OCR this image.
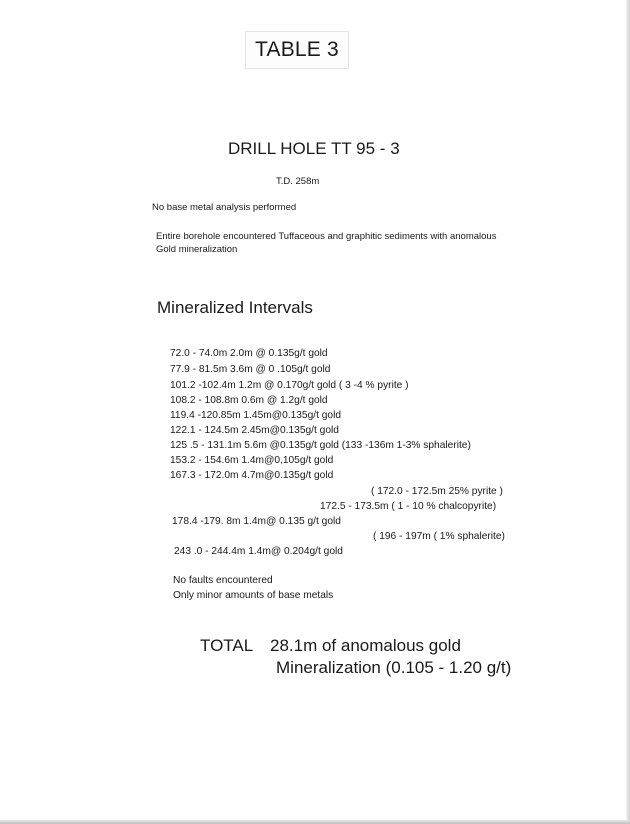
TABLE 3
DRILL HOLE TT 95 - 3
T.D. 258m
No base metal analysis performed
Entire borehole encountered Tuffaceous and graphitic sediments with anomalous
Gold mineralization
Mineralized Intervals
72.0 - 74.0m 2.0m @ 0.135g/t gold
77.9 - 81.5m 3.6m @ 0 .105g/t gold
101.2 -102.4m 1.2m @ 0.170g/t gold ( 3 -4 % pyrite )
108.2 - 108.8m 0.6m @ 1.2g/t gold
119.4 -120.85m 1.45m@0.135g/t gold
122.1 - 124.5m 2.45m@0.135g/t gold
125 .5 - 131.1m 5.6m @0.135g/t gold (133 -136m 1-3% sphalerite)
153.2 - 154.6m 1.4m@0,105g/t gold
167.3 - 172.0m 4.7m@0.135g/t gold
( 172.0 - 172.5m 25% pyrite )
172.5 - 173.5m ( 1 - 10 % chalcopyrite)
178.4 -179. 8m 1.4m@ 0.135 g/t gold
( 196 - 197m ( 1% sphalerite)
243 .0 - 244.4m 1.4m@ 0.204g/t gold
No faults encountered
Only minor amounts of base metals
TOTAL 28.1m of anomalous gold
Mineralization (0.105 - 1.20 g/t)
